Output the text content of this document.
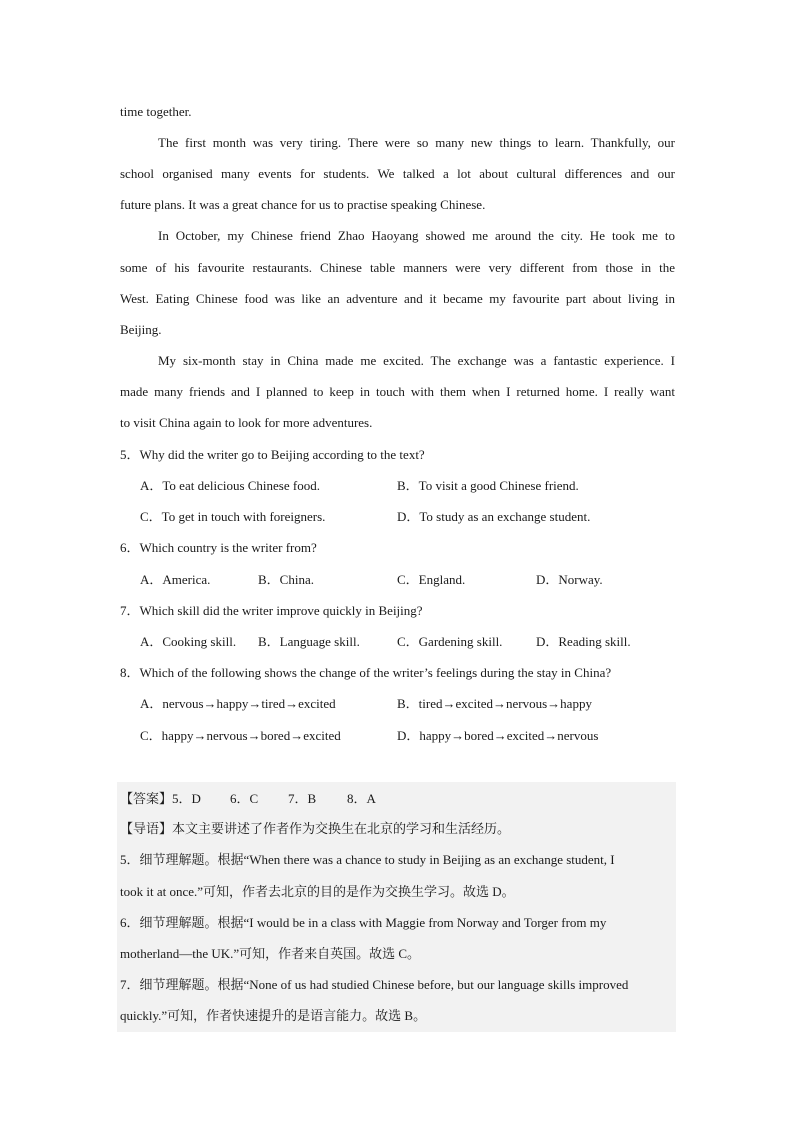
time together.
The first month was very tiring. There were so many new things to learn. Thankfully, our
school organised many events for students. We talked a lot about cultural differences and our
future plans. It was a great chance for us to practise speaking Chinese.
In October, my Chinese friend Zhao Haoyang showed me around the city. He took me to
some of his favourite restaurants. Chinese table manners were very different from those in the
West. Eating Chinese food was like an adventure and it became my favourite part about living in
Beijing.
My six-month stay in China made me excited. The exchange was a fantastic experience. I
made many friends and I planned to keep in touch with them when I returned home. I really want
to visit China again to look for more adventures.
5．Why did the writer go to Beijing according to the text?
A．To eat delicious Chinese food.	B．To visit a good Chinese friend.
C．To get in touch with foreigners.	D．To study as an exchange student.
6．Which country is the writer from?
A．America.	B．China.	C．England.	D．Norway.
7．Which skill did the writer improve quickly in Beijing?
A．Cooking skill. B．Language skill.	C．Gardening skill.	D．Reading skill.
8．Which of the following shows the change of the writer’s feelings during the stay in China?
A．nervous→happy→tired→excited	B．tired→excited→nervous→happy
C．happy→nervous→bored→excited	D．happy→bored→excited→nervous
【答案】5．D 6．C 7．B 8．A
【导语】本文主要讲述了作者作为交换生在北京的学习和生活经历。
5．细节理解题。根据“When there was a chance to study in Beijing as an exchange student, I
took it at once.”可知，作者去北京的目的是作为交换生学习。故选 D。
6．细节理解题。根据“I would be in a class with Maggie from Norway and Torger from my
motherland—the UK.”可知，作者来自英国。故选 C。
7．细节理解题。根据“None of us had studied Chinese before, but our language skills improved
quickly.”可知，作者快速提升的是语言能力。故选 B。
